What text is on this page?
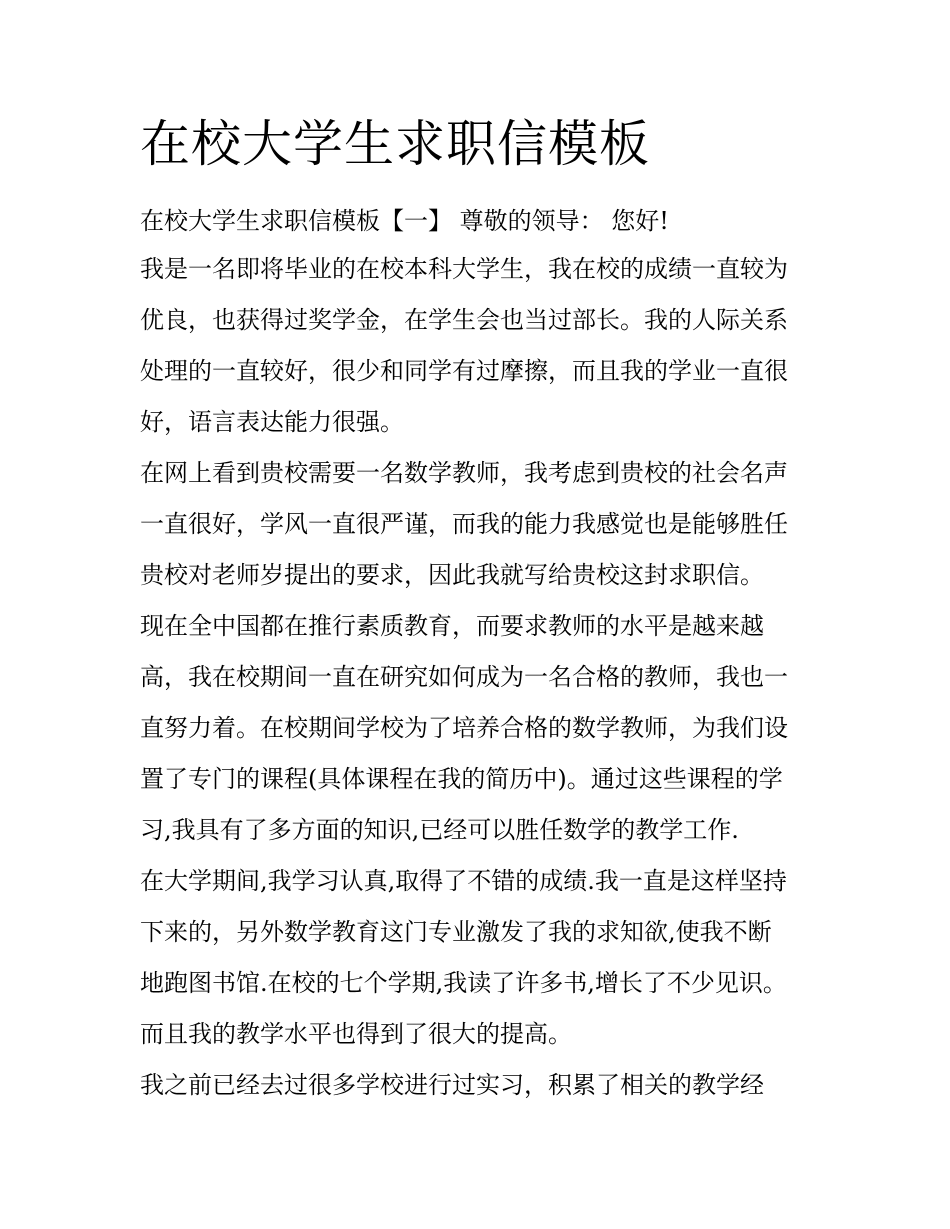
在校大学生求职信模板

在校大学生求职信模板【一】 尊敬的领导： 您好!

我是一名即将毕业的在校本科大学生，我在校的成绩一直较为
优良，也获得过奖学金，在学生会也当过部长。我的人际关系
处理的一直较好，很少和同学有过摩擦，而且我的学业一直很
好，语言表达能力很强。

在网上看到贵校需要一名数学教师，我考虑到贵校的社会名声
一直很好，学风一直很严谨，而我的能力我感觉也是能够胜任
贵校对老师岁提出的要求，因此我就写给贵校这封求职信。

现在全中国都在推行素质教育，而要求教师的水平是越来越
高，我在校期间一直在研究如何成为一名合格的教师，我也一
直努力着。在校期间学校为了培养合格的数学教师，为我们设
置了专门的课程(具体课程在我的简历中)。通过这些课程的学
习,我具有了多方面的知识,已经可以胜任数学的教学工作.

在大学期间,我学习认真,取得了不错的成绩.我一直是这样坚持
下来的，另外数学教育这门专业激发了我的求知欲,使我不断
地跑图书馆.在校的七个学期,我读了许多书,增长了不少见识。
而且我的教学水平也得到了很大的提高。

我之前已经去过很多学校进行过实习，积累了相关的教学经
